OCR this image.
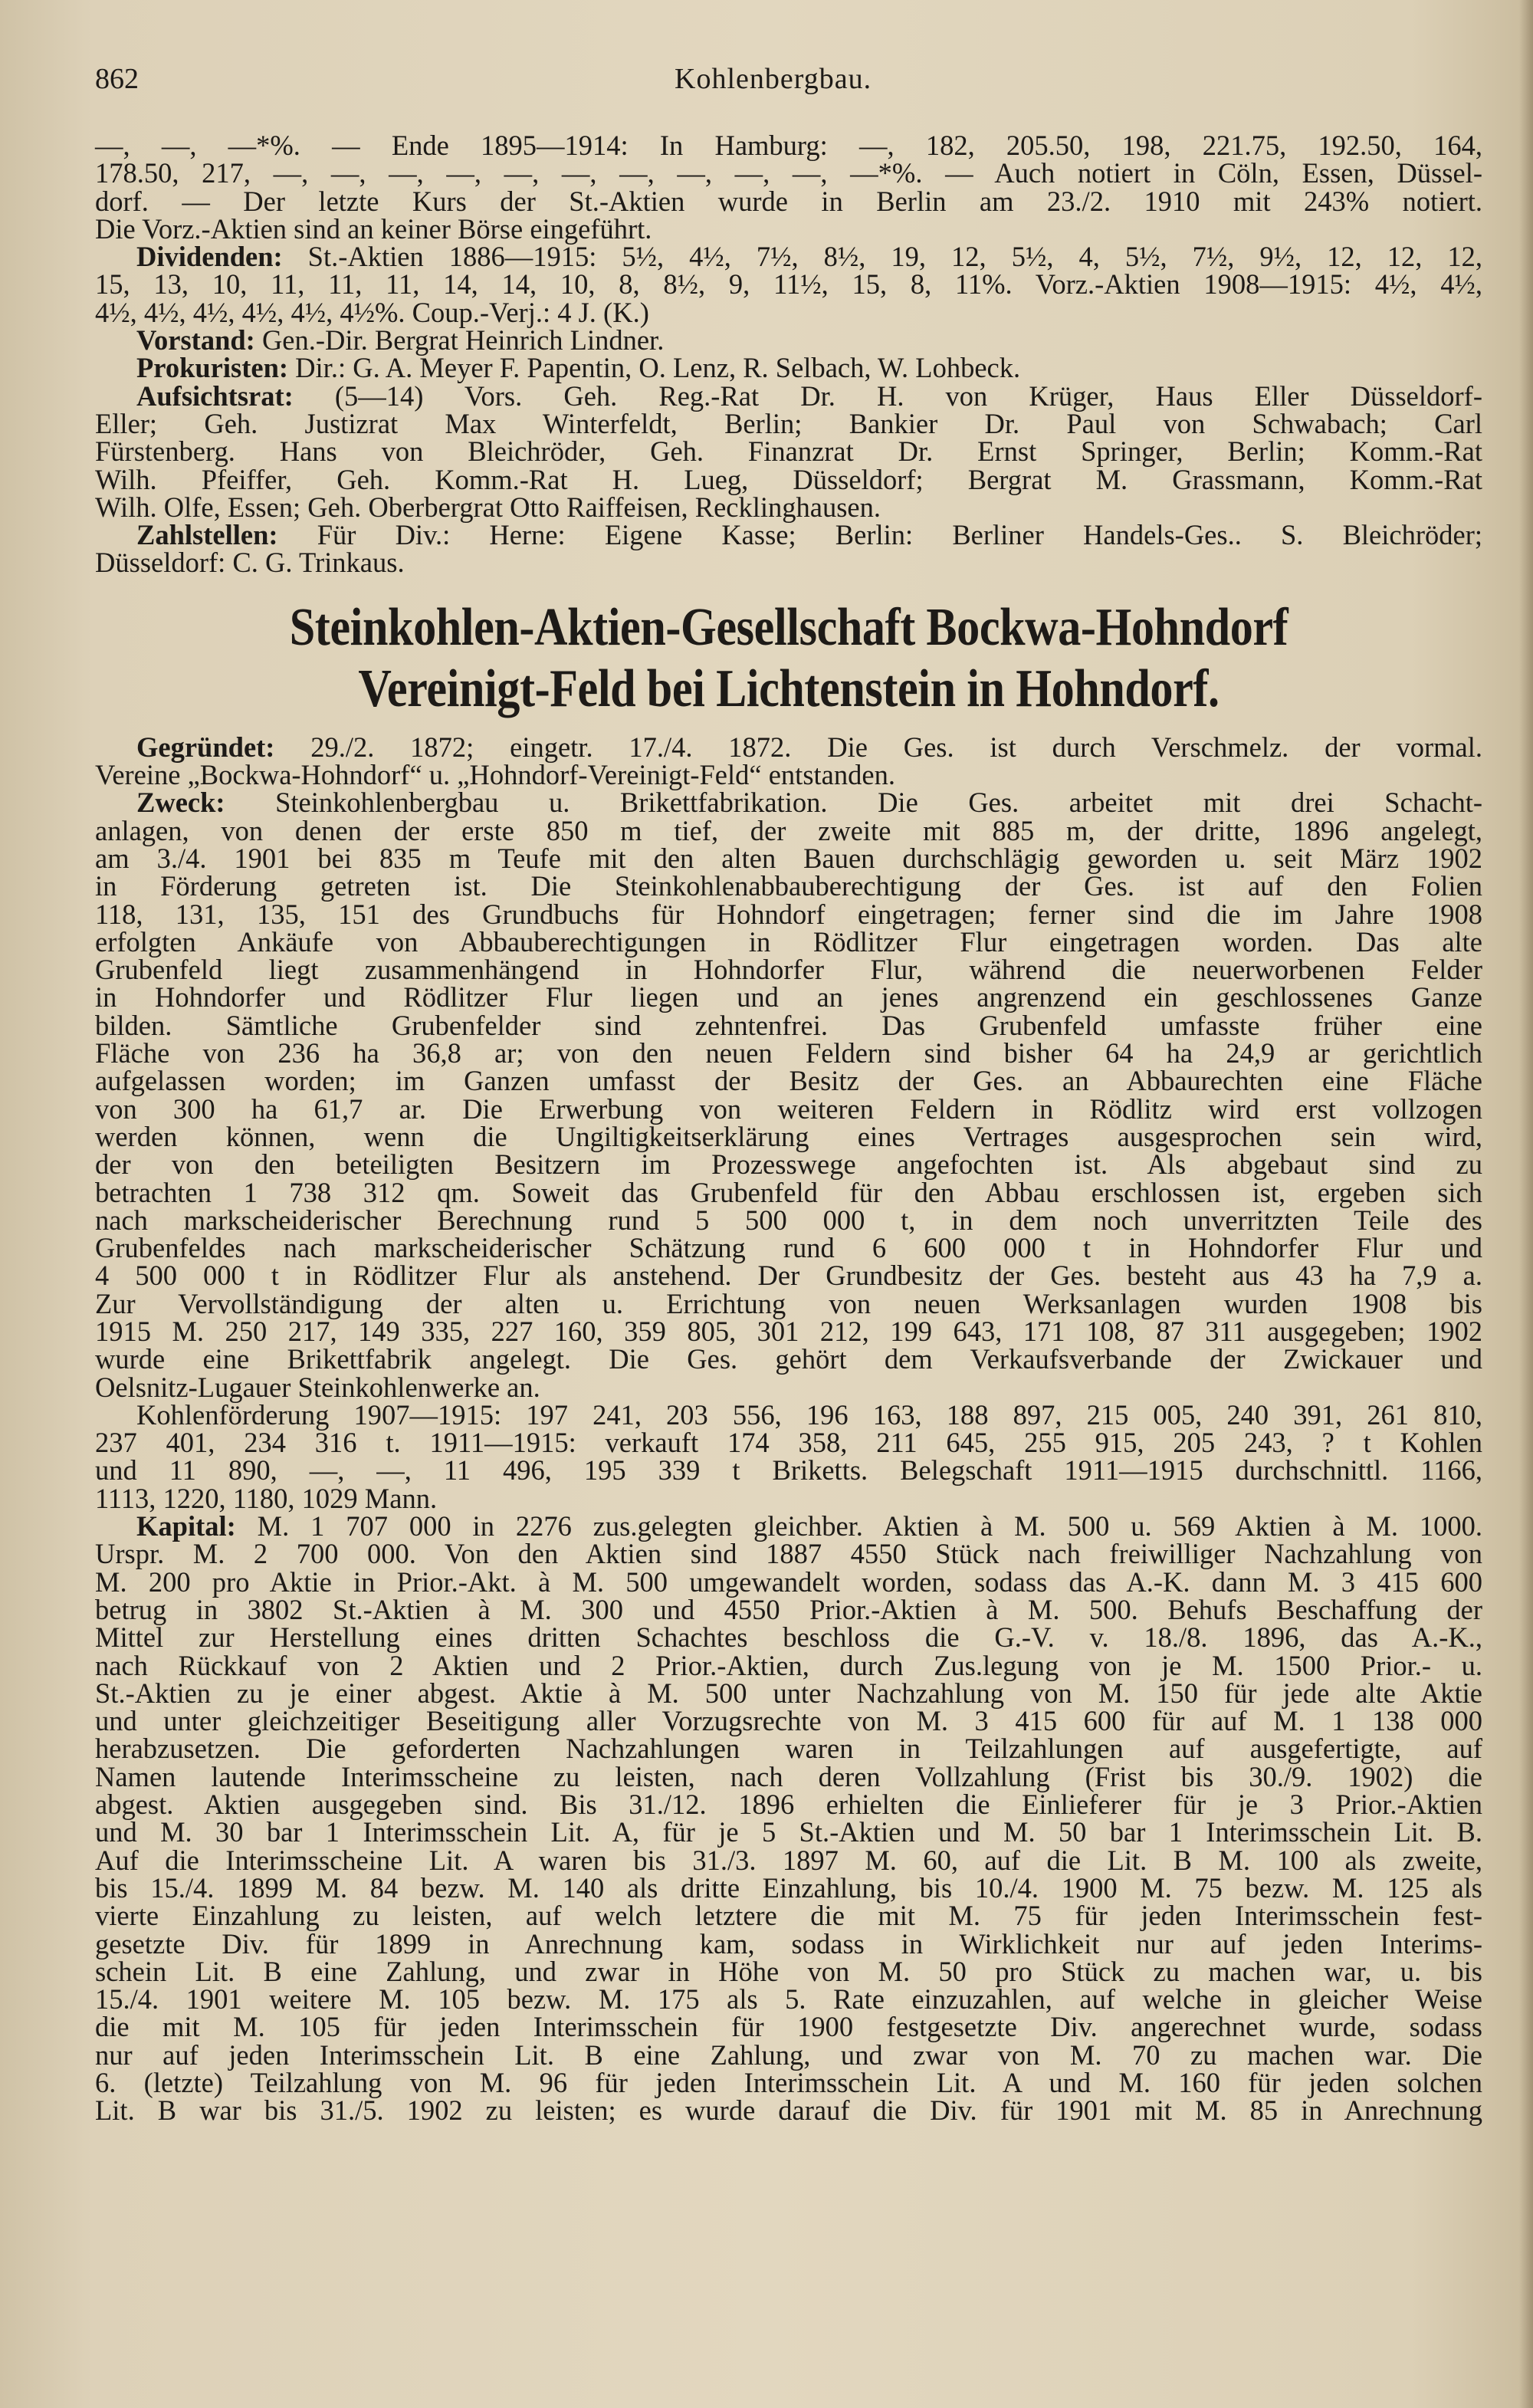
862	Kohlenbergbau.
—, —, —*%. — Ende 1895—1914: In Hamburg: —, 182, 205.50, 198, 221.75, 192.50, 164,
178.50, 217, —, —, —, —, —, —, —, —, —, —, —*%. — Auch notiert in Cöln, Essen, Düssel-
dorf. — Der letzte Kurs der St.-Aktien wurde in Berlin am 23./2. 1910 mit 243% notiert.
Die Vorz.-Aktien sind an keiner Börse eingeführt.
Dividenden: St.-Aktien 1886—1915: 5½, 4½, 7½, 8½, 19, 12, 5½, 4, 5½, 7½, 9½, 12, 12, 12,
15, 13, 10, 11, 11, 11, 14, 14, 10, 8, 8½, 9, 11½, 15, 8, 11%. Vorz.-Aktien 1908—1915: 4½, 4½,
4½, 4½, 4½, 4½, 4½, 4½%. Coup.-Verj.: 4 J. (K.)
Vorstand: Gen.-Dir. Bergrat Heinrich Lindner.
Prokuristen: Dir.: G. A. Meyer F. Papentin, O. Lenz, R. Selbach, W. Lohbeck.
Aufsichtsrat: (5—14) Vors. Geh. Reg.-Rat Dr. H. von Krüger, Haus Eller Düsseldorf-
Eller; Geh. Justizrat Max Winterfeldt, Berlin; Bankier Dr. Paul von Schwabach; Carl
Fürstenberg. Hans von Bleichröder, Geh. Finanzrat Dr. Ernst Springer, Berlin; Komm.-Rat
Wilh. Pfeiffer, Geh. Komm.-Rat H. Lueg, Düsseldorf; Bergrat M. Grassmann, Komm.-Rat
Wilh. Olfe, Essen; Geh. Oberbergrat Otto Raiffeisen, Recklinghausen.
Zahlstellen: Für Div.: Herne: Eigene Kasse; Berlin: Berliner Handels-Ges.. S. Bleichröder;
Düsseldorf: C. G. Trinkaus.
Steinkohlen-Aktien-Gesellschaft Bockwa-Hohndorf
Vereinigt-Feld bei Lichtenstein in Hohndorf.
Gegründet: 29./2. 1872; eingetr. 17./4. 1872. Die Ges. ist durch Verschmelz. der vormal.
Vereine „Bockwa-Hohndorf“ u. „Hohndorf-Vereinigt-Feld“ entstanden.
Zweck: Steinkohlenbergbau u. Brikettfabrikation. Die Ges. arbeitet mit drei Schacht-
anlagen, von denen der erste 850 m tief, der zweite mit 885 m, der dritte, 1896 angelegt,
am 3./4. 1901 bei 835 m Teufe mit den alten Bauen durchschlägig geworden u. seit März 1902
in Förderung getreten ist. Die Steinkohlenabbauberechtigung der Ges. ist auf den Folien
118, 131, 135, 151 des Grundbuchs für Hohndorf eingetragen; ferner sind die im Jahre 1908
erfolgten Ankäufe von Abbauberechtigungen in Rödlitzer Flur eingetragen worden. Das alte
Grubenfeld liegt zusammenhängend in Hohndorfer Flur, während die neuerworbenen Felder
in Hohndorfer und Rödlitzer Flur liegen und an jenes angrenzend ein geschlossenes Ganze
bilden. Sämtliche Grubenfelder sind zehntenfrei. Das Grubenfeld umfasste früher eine
Fläche von 236 ha 36,8 ar; von den neuen Feldern sind bisher 64 ha 24,9 ar gerichtlich
aufgelassen worden; im Ganzen umfasst der Besitz der Ges. an Abbaurechten eine Fläche
von 300 ha 61,7 ar. Die Erwerbung von weiteren Feldern in Rödlitz wird erst vollzogen
werden können, wenn die Ungiltigkeitserklärung eines Vertrages ausgesprochen sein wird,
der von den beteiligten Besitzern im Prozesswege angefochten ist. Als abgebaut sind zu
betrachten 1 738 312 qm. Soweit das Grubenfeld für den Abbau erschlossen ist, ergeben sich
nach markscheiderischer Berechnung rund 5 500 000 t, in dem noch unverritzten Teile des
Grubenfeldes nach markscheiderischer Schätzung rund 6 600 000 t in Hohndorfer Flur und
4 500 000 t in Rödlitzer Flur als anstehend. Der Grundbesitz der Ges. besteht aus 43 ha 7,9 a.
Zur Vervollständigung der alten u. Errichtung von neuen Werksanlagen wurden 1908 bis
1915 M. 250 217, 149 335, 227 160, 359 805, 301 212, 199 643, 171 108, 87 311 ausgegeben; 1902
wurde eine Brikettfabrik angelegt. Die Ges. gehört dem Verkaufsverbande der Zwickauer und
Oelsnitz-Lugauer Steinkohlenwerke an.
Kohlenförderung 1907—1915: 197 241, 203 556, 196 163, 188 897, 215 005, 240 391, 261 810,
237 401, 234 316 t. 1911—1915: verkauft 174 358, 211 645, 255 915, 205 243, ? t Kohlen
und 11 890, —, —, 11 496, 195 339 t Briketts. Belegschaft 1911—1915 durchschnittl. 1166,
1113, 1220, 1180, 1029 Mann.
Kapital: M. 1 707 000 in 2276 zus.gelegten gleichber. Aktien à M. 500 u. 569 Aktien à M. 1000.
Urspr. M. 2 700 000. Von den Aktien sind 1887 4550 Stück nach freiwilliger Nachzahlung von
M. 200 pro Aktie in Prior.-Akt. à M. 500 umgewandelt worden, sodass das A.-K. dann M. 3 415 600
betrug in 3802 St.-Aktien à M. 300 und 4550 Prior.-Aktien à M. 500. Behufs Beschaffung der
Mittel zur Herstellung eines dritten Schachtes beschloss die G.-V. v. 18./8. 1896, das A.-K.,
nach Rückkauf von 2 Aktien und 2 Prior.-Aktien, durch Zus.legung von je M. 1500 Prior.- u.
St.-Aktien zu je einer abgest. Aktie à M. 500 unter Nachzahlung von M. 150 für jede alte Aktie
und unter gleichzeitiger Beseitigung aller Vorzugsrechte von M. 3 415 600 für auf M. 1 138 000
herabzusetzen. Die geforderten Nachzahlungen waren in Teilzahlungen auf ausgefertigte, auf
Namen lautende Interimsscheine zu leisten, nach deren Vollzahlung (Frist bis 30./9. 1902) die
abgest. Aktien ausgegeben sind. Bis 31./12. 1896 erhielten die Einlieferer für je 3 Prior.-Aktien
und M. 30 bar 1 Interimsschein Lit. A, für je 5 St.-Aktien und M. 50 bar 1 Interimsschein Lit. B.
Auf die Interimsscheine Lit. A waren bis 31./3. 1897 M. 60, auf die Lit. B M. 100 als zweite,
bis 15./4. 1899 M. 84 bezw. M. 140 als dritte Einzahlung, bis 10./4. 1900 M. 75 bezw. M. 125 als
vierte Einzahlung zu leisten, auf welch letztere die mit M. 75 für jeden Interimsschein fest-
gesetzte Div. für 1899 in Anrechnung kam, sodass in Wirklichkeit nur auf jeden Interims-
schein Lit. B eine Zahlung, und zwar in Höhe von M. 50 pro Stück zu machen war, u. bis
15./4. 1901 weitere M. 105 bezw. M. 175 als 5. Rate einzuzahlen, auf welche in gleicher Weise
die mit M. 105 für jeden Interimsschein für 1900 festgesetzte Div. angerechnet wurde, sodass
nur auf jeden Interimsschein Lit. B eine Zahlung, und zwar von M. 70 zu machen war. Die
6. (letzte) Teilzahlung von M. 96 für jeden Interimsschein Lit. A und M. 160 für jeden solchen
Lit. B war bis 31./5. 1902 zu leisten; es wurde darauf die Div. für 1901 mit M. 85 in Anrechnung
